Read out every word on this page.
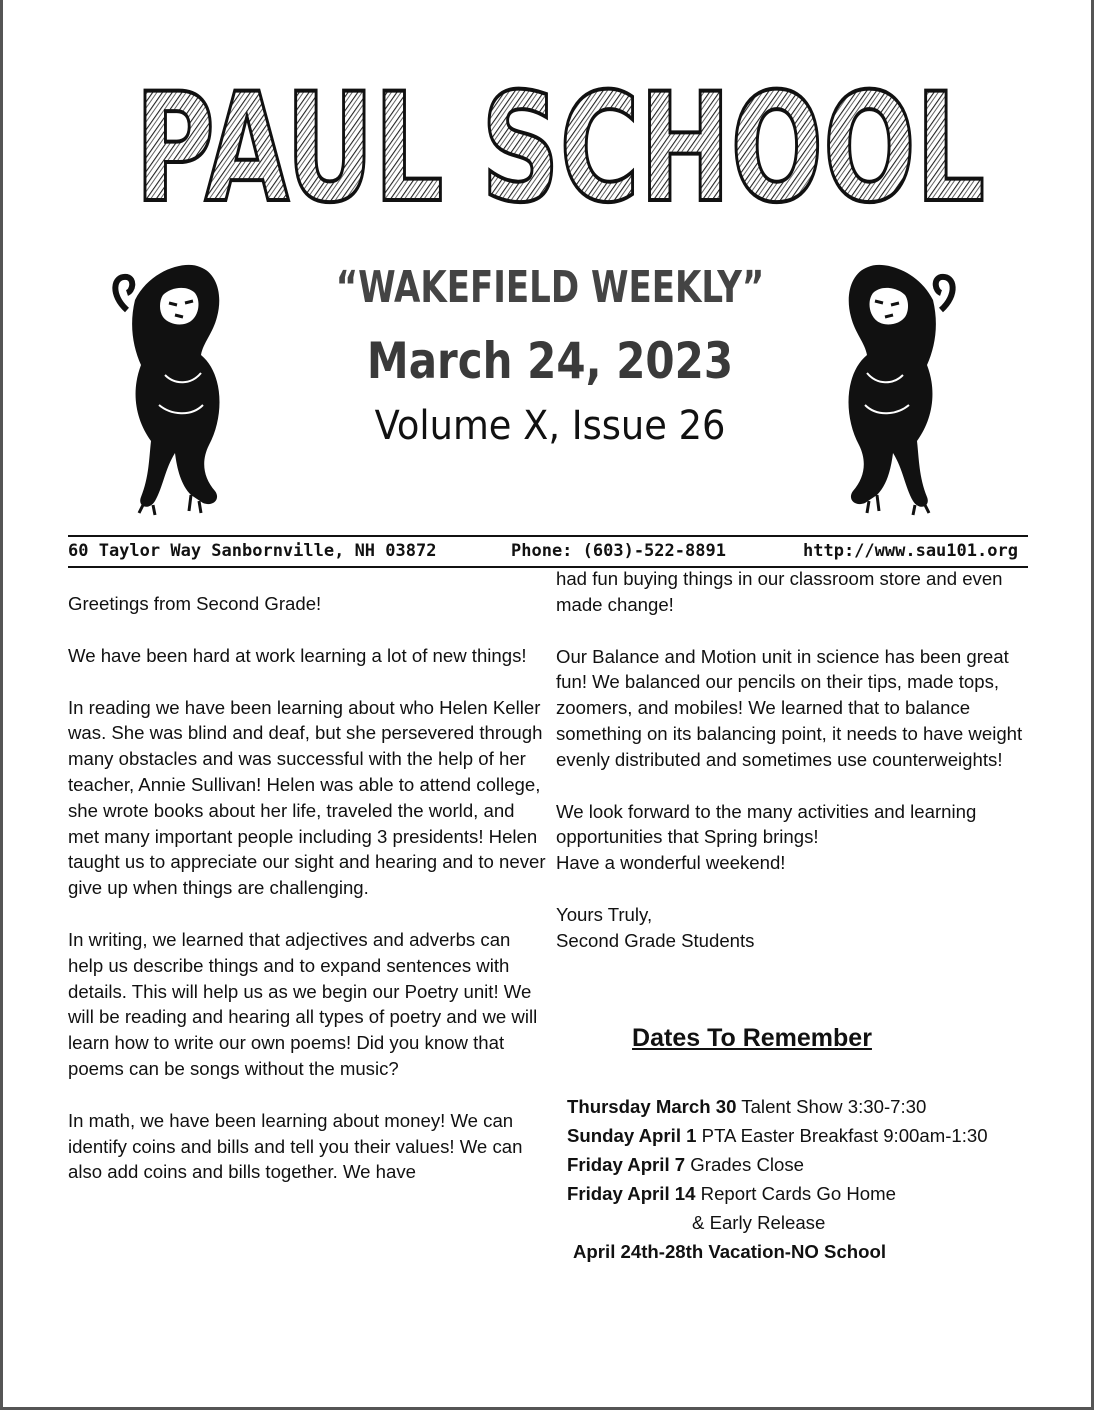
PAUL SCHOOL
“WAKEFIELD WEEKLY”
March 24, 2023
Volume X, Issue 26
60 Taylor Way Sanbornville, NH 03872	Phone: (603)-522-8891	http://www.sau101.org

Greetings from Second Grade!

We have been hard at work learning a lot of new things!

In reading we have been learning about who Helen Keller was. She was blind and deaf, but she persevered through many obstacles and was successful with the help of her teacher, Annie Sullivan! Helen was able to attend college, she wrote books about her life, traveled the world, and met many important people including 3 presidents! Helen taught us to appreciate our sight and hearing and to never give up when things are challenging.

In writing, we learned that adjectives and adverbs can help us describe things and to expand sentences with details. This will help us as we begin our Poetry unit! We will be reading and hearing all types of poetry and we will learn how to write our own poems! Did you know that poems can be songs without the music?

In math, we have been learning about money! We can identify coins and bills and tell you their values! We can also add coins and bills together. We have

had fun buying things in our classroom store and even made change!

Our Balance and Motion unit in science has been great fun! We balanced our pencils on their tips, made tops, zoomers, and mobiles! We learned that to balance something on its balancing point, it needs to have weight evenly distributed and sometimes use counterweights!

We look forward to the many activities and learning opportunities that Spring brings!

Have a wonderful weekend!

Yours Truly,

Second Grade Students

Dates To Remember
Thursday March 30 Talent Show 3:30-7:30
Sunday April 1 PTA Easter Breakfast 9:00am-1:30
Friday April 7 Grades Close
Friday April 14 Report Cards Go Home
& Early Release
April 24th-28th Vacation-NO School
